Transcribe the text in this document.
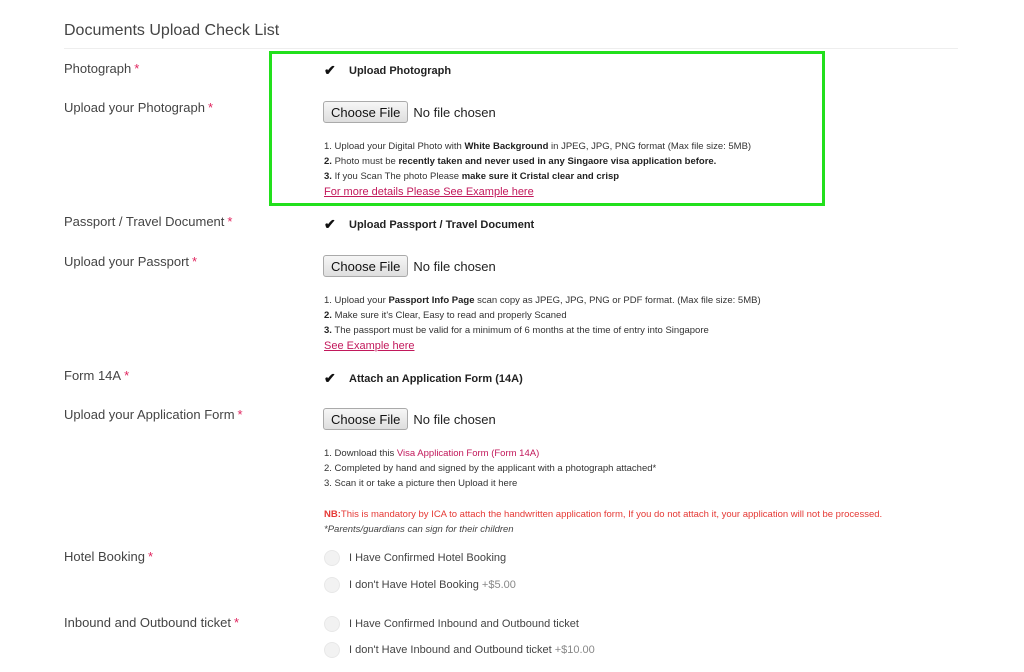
Documents Upload Check List
Photograph *	✔	Upload Photograph
Upload your Photograph *	Choose File	No file chosen
1. Upload your Digital Photo with White Background in JPEG, JPG, PNG format (Max file size: 5MB)
2. Photo must be recently taken and never used in any Singaore visa application before.
3. If you Scan The photo Please make sure it Cristal clear and crisp
For more details Please See Example here
Passport / Travel Document *	✔	Upload Passport / Travel Document
Upload your Passport *	Choose File	No file chosen
1. Upload your Passport Info Page scan copy as JPEG, JPG, PNG or PDF format. (Max file size: 5MB)
2. Make sure it's Clear, Easy to read and properly Scaned
3. The passport must be valid for a minimum of 6 months at the time of entry into Singapore
See Example here
Form 14A *	✔	Attach an Application Form (14A)
Upload your Application Form *	Choose File	No file chosen
1. Download this Visa Application Form (Form 14A)
2. Completed by hand and signed by the applicant with a photograph attached*
3. Scan it or take a picture then Upload it here
NB:This is mandatory by ICA to attach the handwritten application form, If you do not attach it, your application will not be processed.
*Parents/guardians can sign for their children
Hotel Booking *	I Have Confirmed Hotel Booking
I don't Have Hotel Booking +$5.00
Inbound and Outbound ticket *	I Have Confirmed Inbound and Outbound ticket
I don't Have Inbound and Outbound ticket +$10.00
